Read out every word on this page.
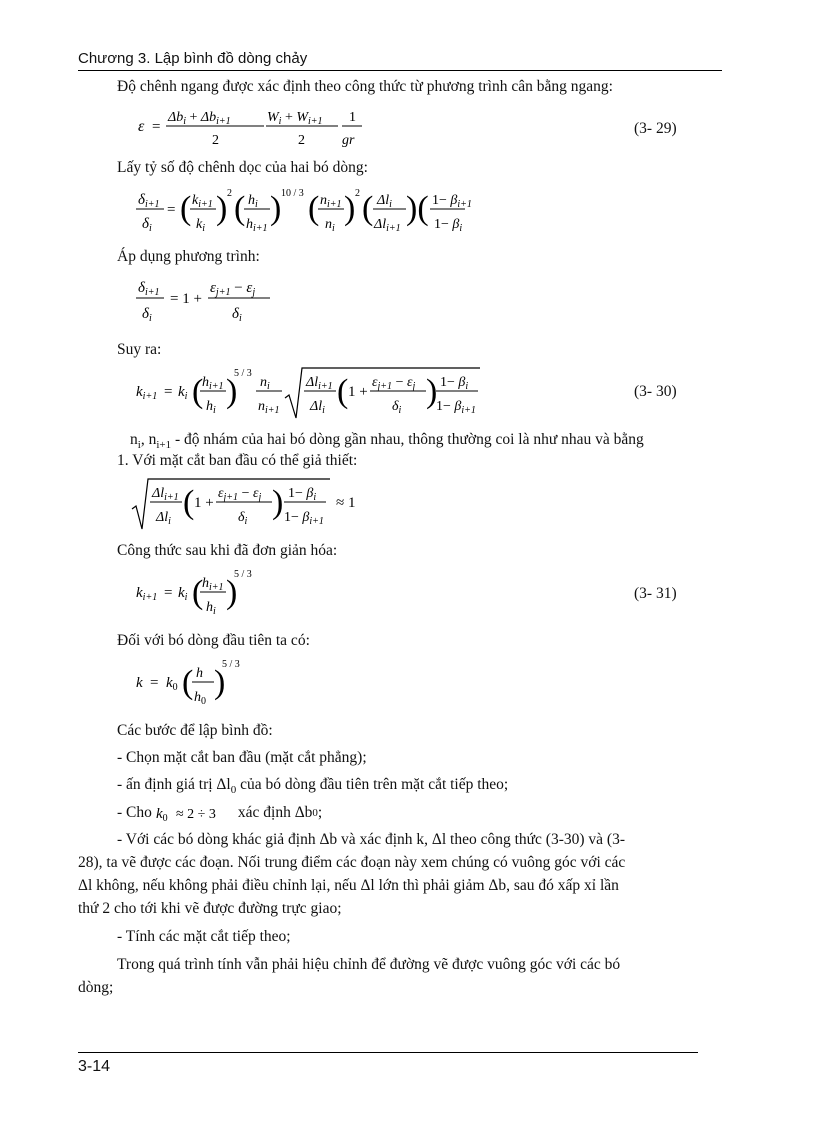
Chương 3. Lập bình đồ dòng chảy
Độ chênh ngang được xác định theo công thức từ phương trình cân bằng ngang:
ε =
$\Delta b_i + \Delta b_{i+1}$
2
$W_i + W_{i+1}$
2
1
gr
(3- 29)
Lấy tỷ số độ chênh dọc của hai bó dòng:
$\delta_{i+1}$
$\delta_i$
= ( $k_{i+1}$
$k_i$
) 2 ( $h_i$
$h_{i+1}$
) 10 / 3 ( $n_{i+1}$
$n_i$
) 2 ( $\Delta l_i$
$\Delta l_{i+1}$
)( $1- \beta_{i+1}$
$1- \beta_i$
Áp dụng phương trình:
$\delta_{i+1}$
$\delta_i$
= 1 +
$\varepsilon_{j+1} - \varepsilon_j$
$\delta_i$
Suy ra:
$k_{i+1} = k_i$ (
$h_{i+1}$
$h_i$
)
5 / 3
$n_i$
$n_{i+1}$
$\Delta l_{i+1}$
$\Delta l_i$
( 1 +
$\varepsilon_{j+1} - \varepsilon_j$
$\delta_i$
) $1- \beta_i$
$1- \beta_{i+1}$
(3- 30)
$n_i$, $n_{i+1}$ - độ nhám của hai bó dòng gần nhau, thông thường coi là như nhau và bằng
1. Với mặt cắt ban đầu có thể giả thiết:
$\Delta l_{i+1}$
$\Delta l_i$
( 1 +
$\varepsilon_{j+1} - \varepsilon_j$
$\delta_i$
) $1- \beta_i$
$1- \beta_{i+1}$
≈ 1
Công thức sau khi đã đơn giản hóa:
$k_{i+1} = k_i$ (
$h_{i+1}$
$h_i$
)
5 / 3
(3- 31)
Đối với bó dòng đầu tiên ta có:
$k = k_0$ ( h
$h_0$
)
5 / 3
Các bước để lập bình đồ:
- Chọn mặt cắt ban đầu (mặt cắt phẳng);
- ấn định giá trị $\Delta l_0$ của bó dòng đầu tiên trên mặt cắt tiếp theo;
- Cho $k_0 \approx 2 \div 3$ xác định Δb 0 ;
- Với các bó dòng khác giả định Δb và xác định k, Δl theo công thức (3-30) và (3-
28), ta vẽ được các đoạn. Nối trung điểm các đoạn này xem chúng có vuông góc với các
Δl không, nếu không phải điều chỉnh lại, nếu Δl lớn thì phải giảm Δb, sau đó xấp xỉ lần
thứ 2 cho tới khi vẽ được đường trực giao;
- Tính các mặt cắt tiếp theo;
Trong quá trình tính vẫn phải hiệu chỉnh để đường vẽ được vuông góc với các bó
dòng;
3-14
